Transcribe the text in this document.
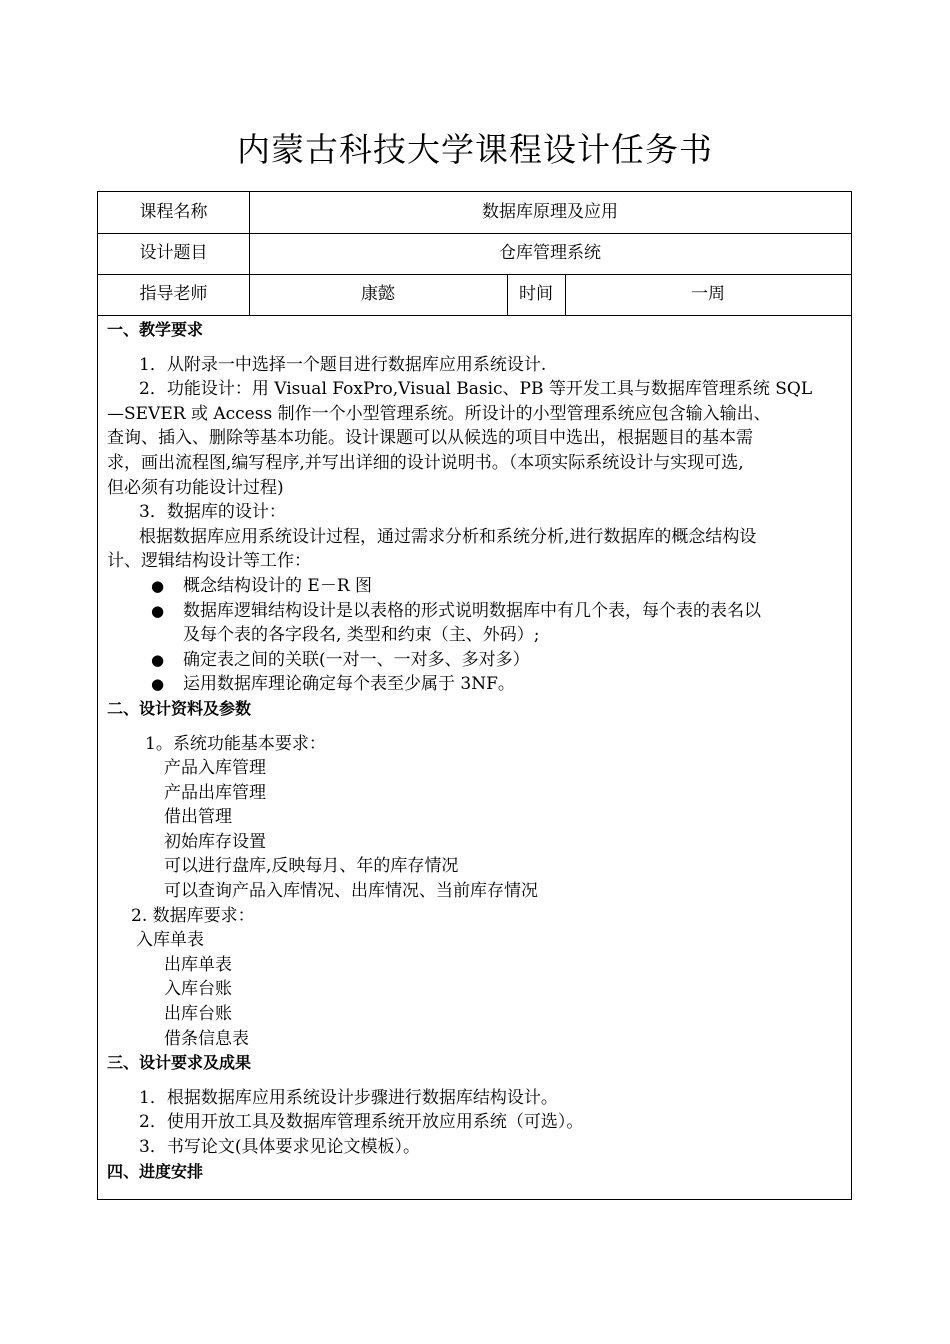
内蒙古科技大学课程设计任务书
课程名称	数据库原理及应用
设计题目	仓库管理系统
指导老师	康懿	时间	一周
一、教学要求
1．从附录一中选择一个题目进行数据库应用系统设计.
2．功能设计：用 Visual FoxPro,Visual Basic、PB 等开发工具与数据库管理系统 SQL
—SEVER 或 Access 制作一个小型管理系统。所设计的小型管理系统应包含输入输出、
查询、插入、删除等基本功能。设计课题可以从候选的项目中选出，根据题目的基本需
求，画出流程图,编写程序,并写出详细的设计说明书。（本项实际系统设计与实现可选,
但必须有功能设计过程)
3．数据库的设计：
根据数据库应用系统设计过程，通过需求分析和系统分析,进行数据库的概念结构设
计、逻辑结构设计等工作：
● 概念结构设计的 E－R 图
● 数据库逻辑结构设计是以表格的形式说明数据库中有几个表，每个表的表名以
及每个表的各字段名, 类型和约束（主、外码）;
● 确定表之间的关联(一对一、一对多、多对多）
● 运用数据库理论确定每个表至少属于 3NF。
二、设计资料及参数
1。系统功能基本要求：
产品入库管理
产品出库管理
借出管理
初始库存设置
可以进行盘库,反映每月、年的库存情况
可以查询产品入库情况、出库情况、当前库存情况
2. 数据库要求：
入库单表
出库单表
入库台账
出库台账
借条信息表
三、设计要求及成果
1．根据数据库应用系统设计步骤进行数据库结构设计。
2．使用开放工具及数据库管理系统开放应用系统（可选）。
3．书写论文(具体要求见论文模板）。
四、进度安排
